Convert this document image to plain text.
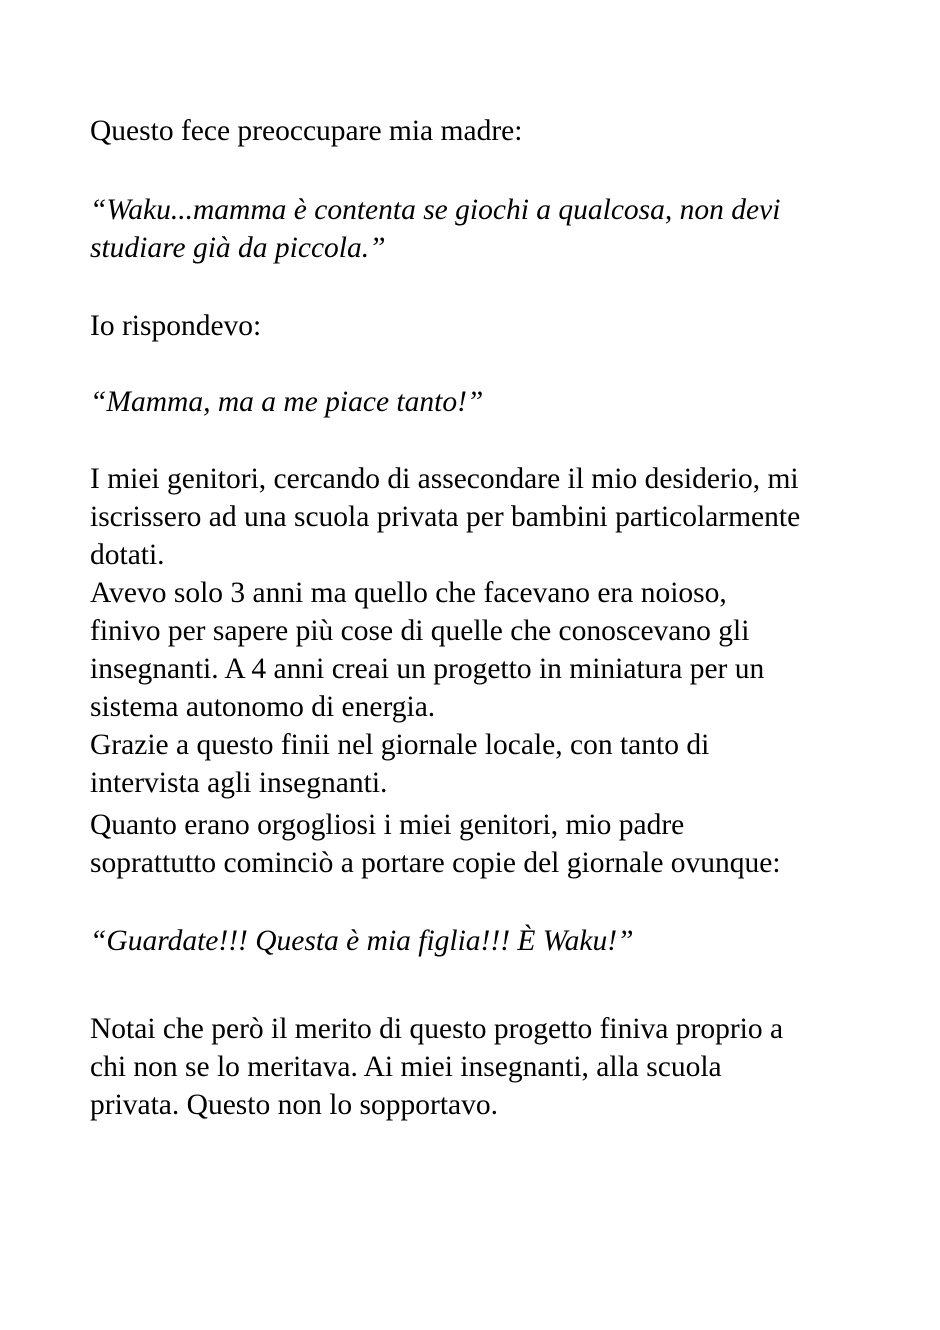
Questo fece preoccupare mia madre:

“Waku...mamma è contenta se giochi a qualcosa, non devi

studiare già da piccola.”

Io rispondevo:

“Mamma, ma a me piace tanto!”

I miei genitori, cercando di assecondare il mio desiderio, mi

iscrissero ad una scuola privata per bambini particolarmente

dotati.

Avevo solo 3 anni ma quello che facevano era noioso,

finivo per sapere più cose di quelle che conoscevano gli

insegnanti. A 4 anni creai un progetto in miniatura per un

sistema autonomo di energia.

Grazie a questo finii nel giornale locale, con tanto di

intervista agli insegnanti.

Quanto erano orgogliosi i miei genitori, mio padre

soprattutto cominciò a portare copie del giornale ovunque:

“Guardate!!! Questa è mia figlia!!! È Waku!”

Notai che però il merito di questo progetto finiva proprio a

chi non se lo meritava. Ai miei insegnanti, alla scuola

privata. Questo non lo sopportavo.
